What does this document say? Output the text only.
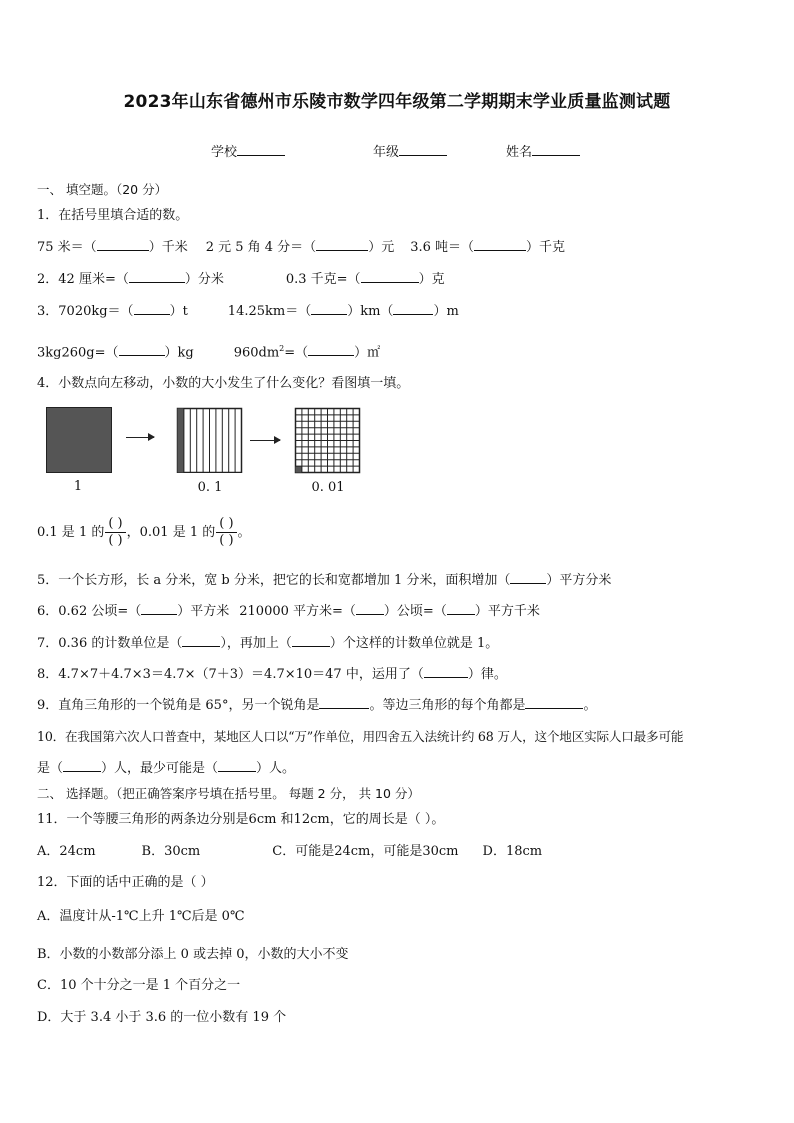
2023年山东省德州市乐陵市数学四年级第二学期期末学业质量监测试题
学校	年级	姓名
一、 填空题。（20 分）
1．在括号里填合适的数。
75 米＝（	）千米 2 元 5 角 4 分＝（	）元 3.6 吨＝（	）千克
2．42 厘米=（	）分米	0.3 千克=（	）克
3．7020kg＝（	）t	14.25km＝（	）km（	）m
3kg260g=（	）kg	$960dm^2=$（	）㎡
4．小数点向左移动，小数的大小发生了什么变化？看图填一填。
1	0. 1	0. 01
0.1 是 1 的 $\frac{( )}{( )}$ ，0.01 是 1 的 $\frac{( )}{( )}$ 。
5．一个长方形，长 a 分米，宽 b 分米，把它的长和宽都增加 1 分米，面积增加（	）平方分米
6．0.62 公顷=（	）平方米 210000 平方米=（ ）公顷=（ ）平方千米
7．0.36 的计数单位是（	），再加上（	）个这样的计数单位就是 1。
8．4.7×7＋4.7×3＝4.7×（7＋3）＝4.7×10＝47 中，运用了（	）律。
9．直角三角形的一个锐角是 65°，另一个锐角是	。等边三角形的每个角都是	。
10．在我国第六次人口普查中，某地区人口以“万”作单位，用四舍五入法统计约 68 万人，这个地区实际人口最多可能
是（	）人，最少可能是（	）人。
二、 选择题。（把正确答案序号填在括号里。 每题 2 分， 共 10 分）
11．一个等腰三角形的两条边分别是6cm 和12cm，它的周长是（ ）。
A．24cm	B．30cm	C．可能是24cm，可能是30cm D．18cm
12．下面的话中正确的是（ ）
A．温度计从-1℃上升 1℃后是 0℃
B．小数的小数部分添上 0 或去掉 0，小数的大小不变
C．10 个十分之一是 1 个百分之一
D．大于 3.4 小于 3.6 的一位小数有 19 个
